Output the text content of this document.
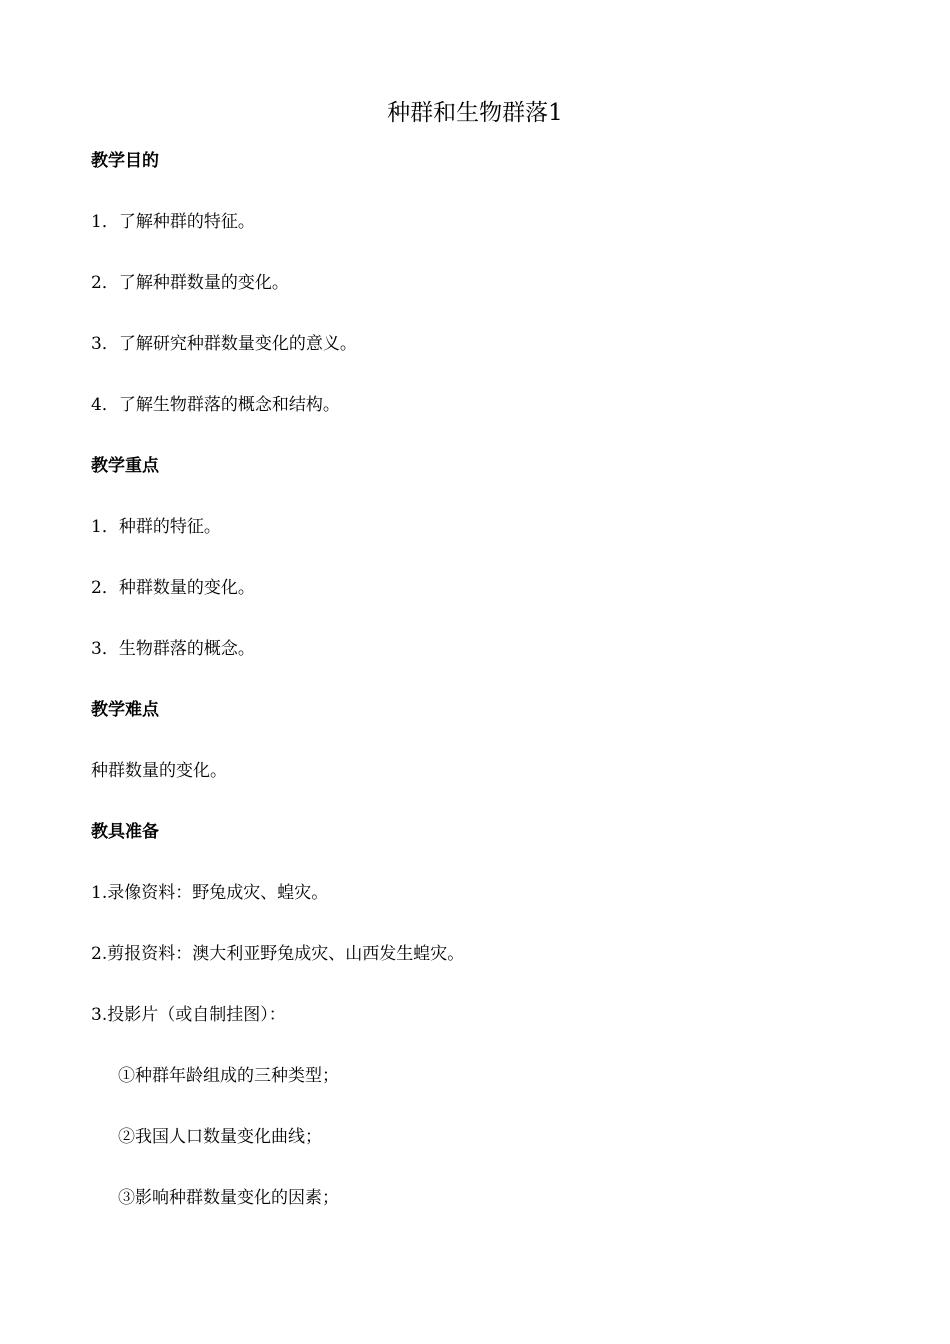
种群和生物群落1
教学目的
1．了解种群的特征。
2．了解种群数量的变化。
3．了解研究种群数量变化的意义。
4．了解生物群落的概念和结构。
教学重点
1．种群的特征。
2．种群数量的变化。
3．生物群落的概念。
教学难点
种群数量的变化。
教具准备
1.录像资料：野兔成灾、蝗灾。
2.剪报资料：澳大利亚野兔成灾、山西发生蝗灾。
3.投影片（或自制挂图）：
①种群年龄组成的三种类型；
②我国人口数量变化曲线；
③影响种群数量变化的因素；
